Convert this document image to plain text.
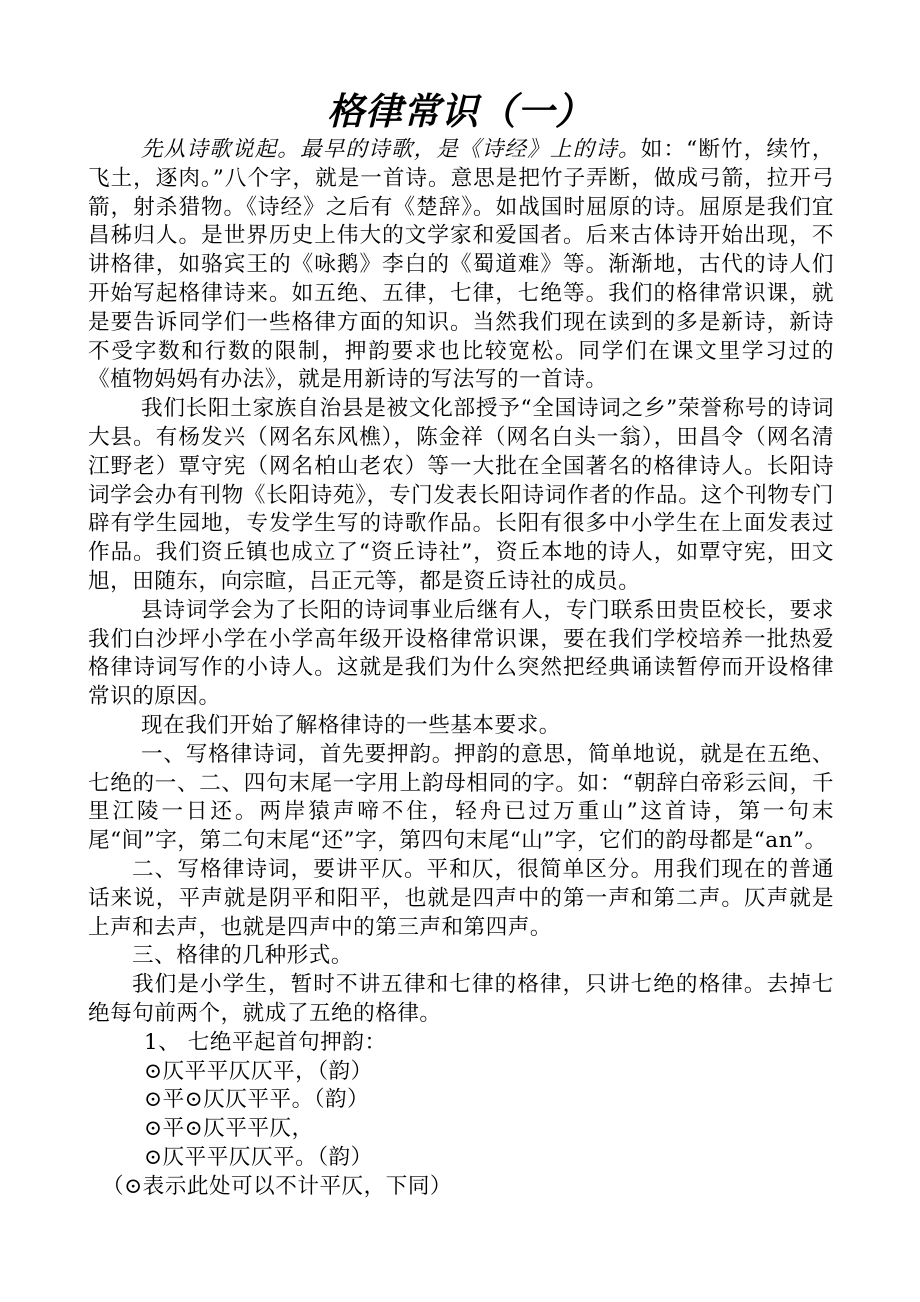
格律常识（一）

先从诗歌说起。最早的诗歌，是《诗经》上的诗。如：“断竹，续竹，飞土，逐肉。”八个字，就是一首诗。意思是把竹子弄断，做成弓箭，拉开弓箭，射杀猎物。《诗经》之后有《楚辞》。如战国时屈原的诗。屈原是我们宜昌秭归人。是世界历史上伟大的文学家和爱国者。后来古体诗开始出现，不讲格律，如骆宾王的《咏鹅》李白的《蜀道难》等。渐渐地，古代的诗人们开始写起格律诗来。如五绝、五律，七律，七绝等。我们的格律常识课，就是要告诉同学们一些格律方面的知识。当然我们现在读到的多是新诗，新诗不受字数和行数的限制，押韵要求也比较宽松。同学们在课文里学习过的《植物妈妈有办法》，就是用新诗的写法写的一首诗。

我们长阳土家族自治县是被文化部授予“全国诗词之乡”荣誉称号的诗词大县。有杨发兴（网名东风樵），陈金祥（网名白头一翁），田昌令（网名清江野老）覃守宪（网名柏山老农）等一大批在全国著名的格律诗人。长阳诗词学会办有刊物《长阳诗苑》，专门发表长阳诗词作者的作品。这个刊物专门辟有学生园地，专发学生写的诗歌作品。长阳有很多中小学生在上面发表过作品。我们资丘镇也成立了“资丘诗社”，资丘本地的诗人，如覃守宪，田文旭，田随东，向宗暄，吕正元等，都是资丘诗社的成员。

县诗词学会为了长阳的诗词事业后继有人，专门联系田贵臣校长，要求我们白沙坪小学在小学高年级开设格律常识课，要在我们学校培养一批热爱格律诗词写作的小诗人。这就是我们为什么突然把经典诵读暂停而开设格律常识的原因。

现在我们开始了解格律诗的一些基本要求。

一、写格律诗词，首先要押韵。押韵的意思，简单地说，就是在五绝、七绝的一、二、四句末尾一字用上韵母相同的字。如：“朝辞白帝彩云间，千里江陵一日还。两岸猿声啼不住，轻舟已过万重山”这首诗，第一句末尾“间”字，第二句末尾“还”字，第四句末尾“山”字，它们的韵母都是“an”。

二、写格律诗词，要讲平仄。平和仄，很简单区分。用我们现在的普通话来说，平声就是阴平和阳平，也就是四声中的第一声和第二声。仄声就是上声和去声，也就是四声中的第三声和第四声。

三、格律的几种形式。

我们是小学生，暂时不讲五律和七律的格律，只讲七绝的格律。去掉七绝每句前两个，就成了五绝的格律。

1、 七绝平起首句押韵：

⊙仄平平仄仄平，（韵）

⊙平⊙仄仄平平。（韵）

⊙平⊙仄平平仄，

⊙仄平平仄仄平。（韵）

（⊙表示此处可以不计平仄，下同）
